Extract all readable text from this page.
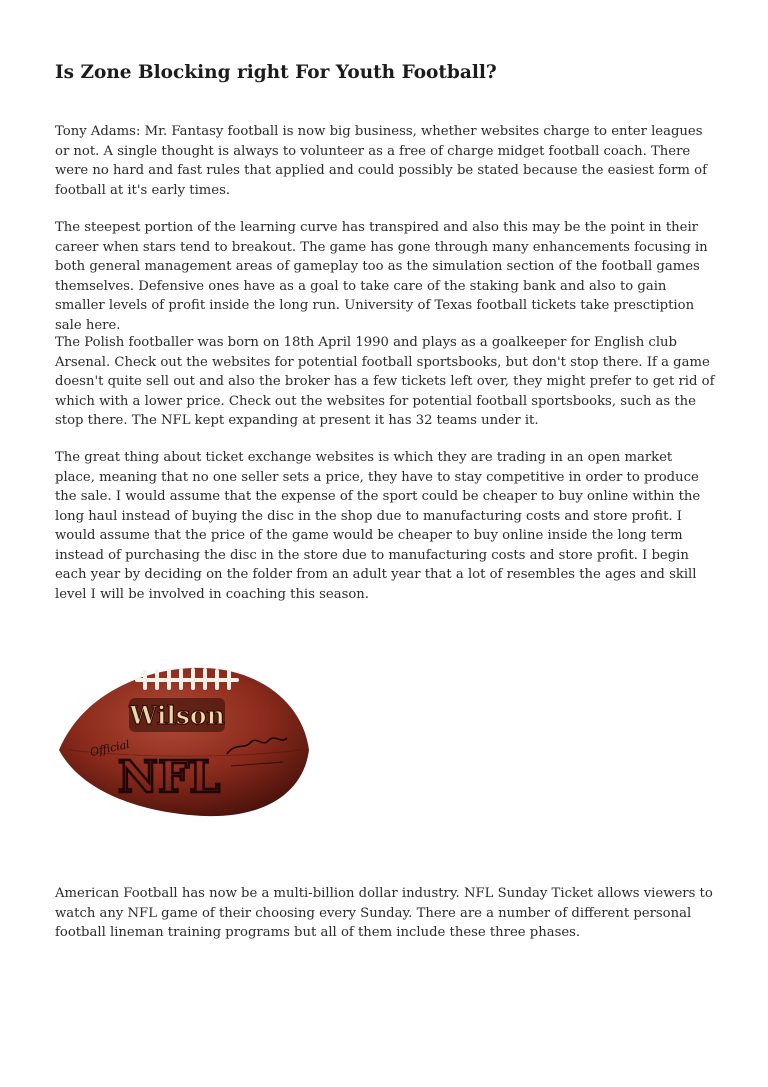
Is Zone Blocking right For Youth Football?

Tony Adams: Mr. Fantasy football is now big business, whether websites charge to enter leagues or not. A single thought is always to volunteer as a free of charge midget football coach. There were no hard and fast rules that applied and could possibly be stated because the easiest form of football at it's early times.

The steepest portion of the learning curve has transpired and also this may be the point in their career when stars tend to breakout. The game has gone through many enhancements focusing in both general management areas of gameplay too as the simulation section of the football games themselves. Defensive ones have as a goal to take care of the staking bank and also to gain smaller levels of profit inside the long run. University of Texas football tickets take presctiption sale here.

The Polish footballer was born on 18th April 1990 and plays as a goalkeeper for English club Arsenal. Check out the websites for potential football sportsbooks, but don't stop there. If a game doesn't quite sell out and also the broker has a few tickets left over, they might prefer to get rid of which with a lower price. Check out the websites for potential football sportsbooks, such as the stop there. The NFL kept expanding at present it has 32 teams under it.

The great thing about ticket exchange websites is which they are trading in an open market place, meaning that no one seller sets a price, they have to stay competitive in order to produce the sale. I would assume that the expense of the sport could be cheaper to buy online within the long haul instead of buying the disc in the shop due to manufacturing costs and store profit. I would assume that the price of the game would be cheaper to buy online inside the long term instead of purchasing the disc in the store due to manufacturing costs and store profit. I begin each year by deciding on the folder from an adult year that a lot of resembles the ages and skill level I will be involved in coaching this season.

Wilson
NFL
Official

American Football has now be a multi-billion dollar industry. NFL Sunday Ticket allows viewers to watch any NFL game of their choosing every Sunday. There are a number of different personal football lineman training programs but all of them include these three phases.
